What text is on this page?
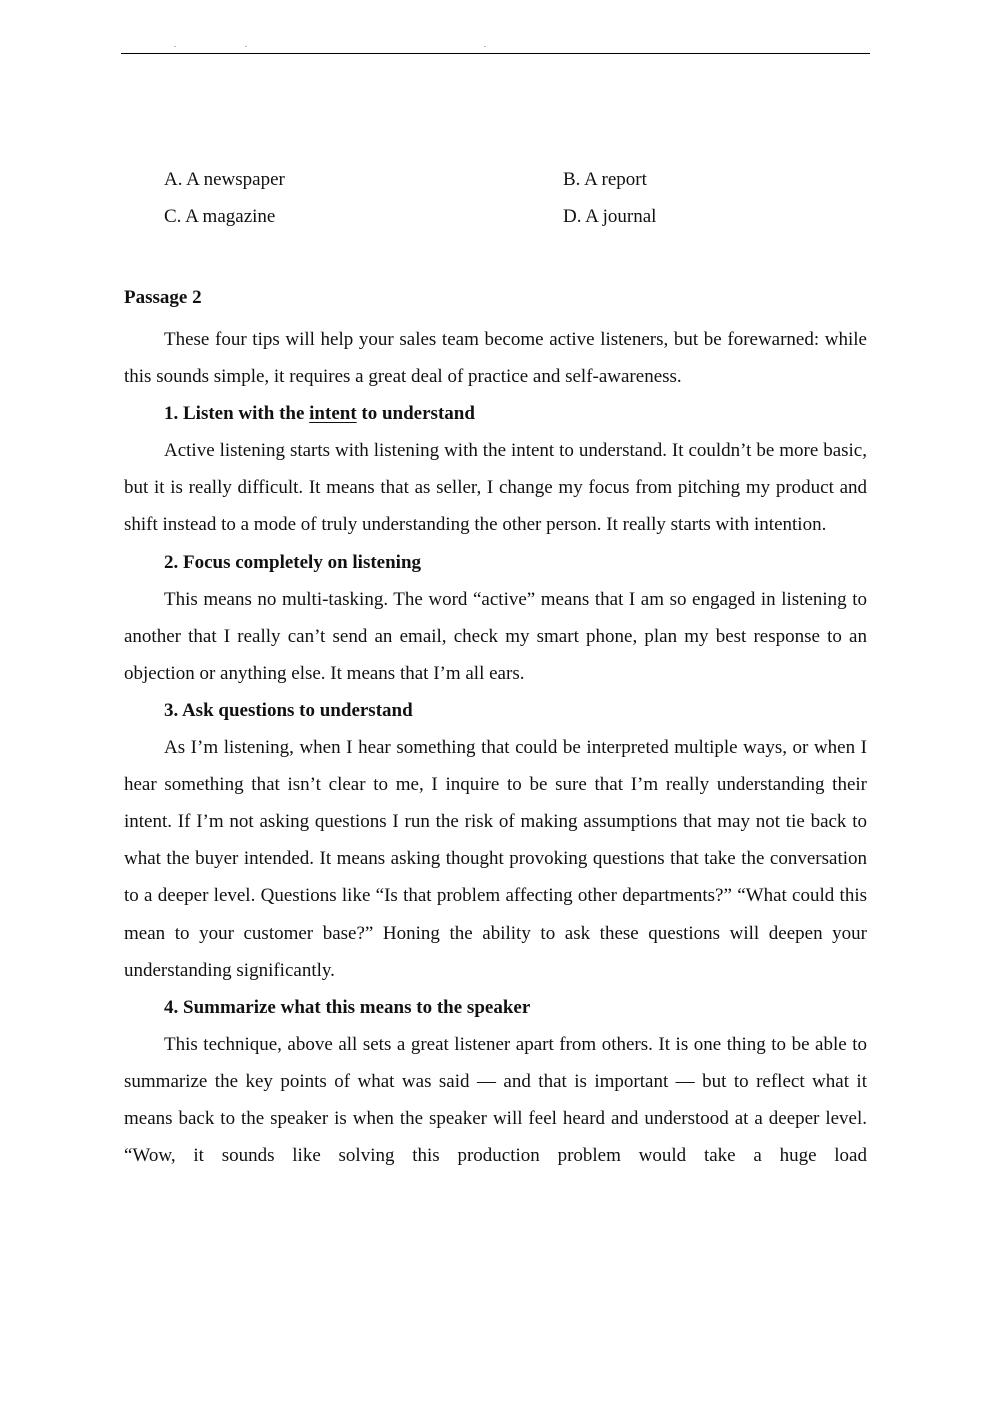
.	.	.
A. A newspaper	B. A report
C. A magazine	D. A journal
Passage 2

These four tips will help your sales team become active listeners, but be forewarned: while this sounds simple, it requires a great deal of practice and self-awareness.

1. Listen with the intent to understand

Active listening starts with listening with the intent to understand. It couldn’t be more basic, but it is really difficult. It means that as seller, I change my focus from pitching my product and shift instead to a mode of truly understanding the other person. It really starts with intention.

2. Focus completely on listening

This means no multi-tasking. The word “active” means that I am so engaged in listening to another that I really can’t send an email, check my smart phone, plan my best response to an objection or anything else. It means that I’m all ears.

3. Ask questions to understand

As I’m listening, when I hear something that could be interpreted multiple ways, or when I hear something that isn’t clear to me, I inquire to be sure that I’m really understanding their intent. If I’m not asking questions I run the risk of making assumptions that may not tie back to what the buyer intended. It means asking thought provoking questions that take the conversation to a deeper level. Questions like “Is that problem affecting other departments?” “What could this mean to your customer base?” Honing the ability to ask these questions will deepen your understanding significantly.

4. Summarize what this means to the speaker

This technique, above all sets a great listener apart from others. It is one thing to be able to summarize the key points of what was said — and that is important — but to reflect what it means back to the speaker is when the speaker will feel heard and understood at a deeper level. “Wow, it sounds like solving this production problem would take a huge load
